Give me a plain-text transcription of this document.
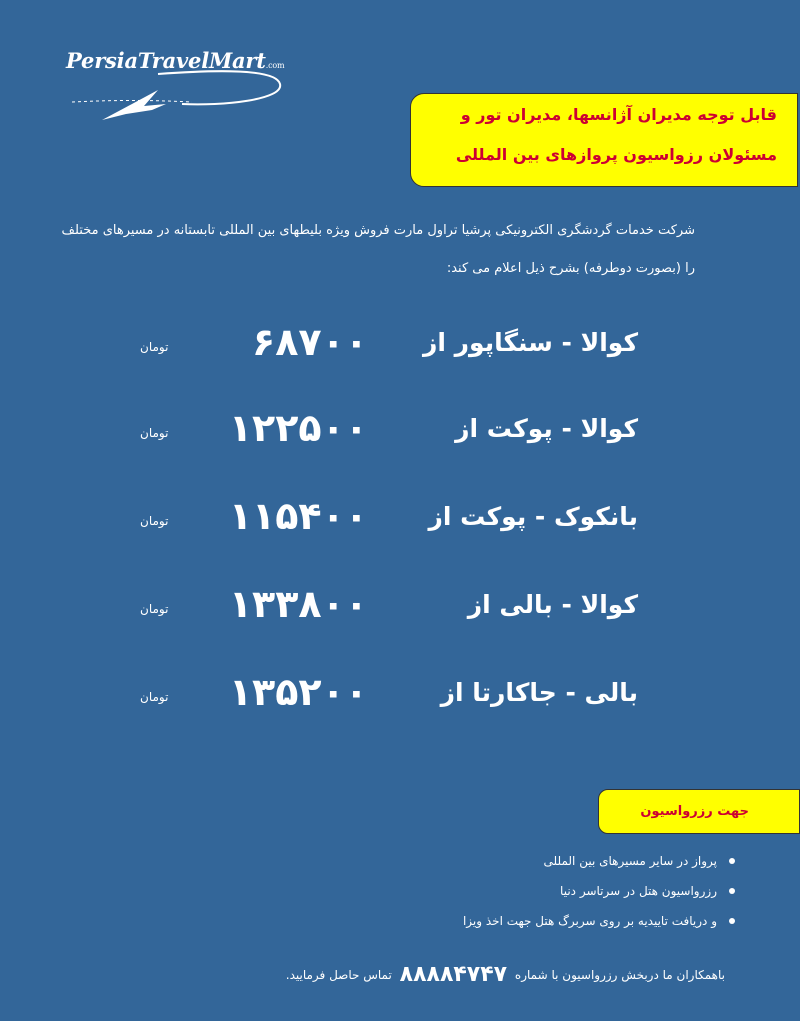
PersiaTravelMart.com
قابل توجه مدیران آژانسها، مدیران تور و
مسئولان رزواسیون پروازهای بین المللی
شرکت خدمات گردشگری الکترونیکی پرشیا تراول مارت فروش ویژه بلیطهای بین المللی تابستانه در مسیرهای مختلف را (بصورت دوطرفه) بشرح ذیل اعلام می کند:
کوالا - سنگاپور از
۶۸۷۰۰
تومان
کوالا - پوکت از
۱۲۲۵۰۰
تومان
بانکوک - پوکت از
۱۱۵۴۰۰
تومان
کوالا - بالی از
۱۳۳۸۰۰
تومان
بالی - جاکارتا از
۱۳۵۲۰۰
تومان
جهت رزرواسیون
پرواز در سایر مسیرهای بین المللی
رزرواسیون هتل در سرتاسر دنیا
و دریافت تاییدیه بر روی سربرگ هتل جهت اخذ ویزا
باهمکاران ما دربخش رزرواسیون با شماره ۸۸۸۸۴۷۴۷ تماس حاصل فرمایید.
